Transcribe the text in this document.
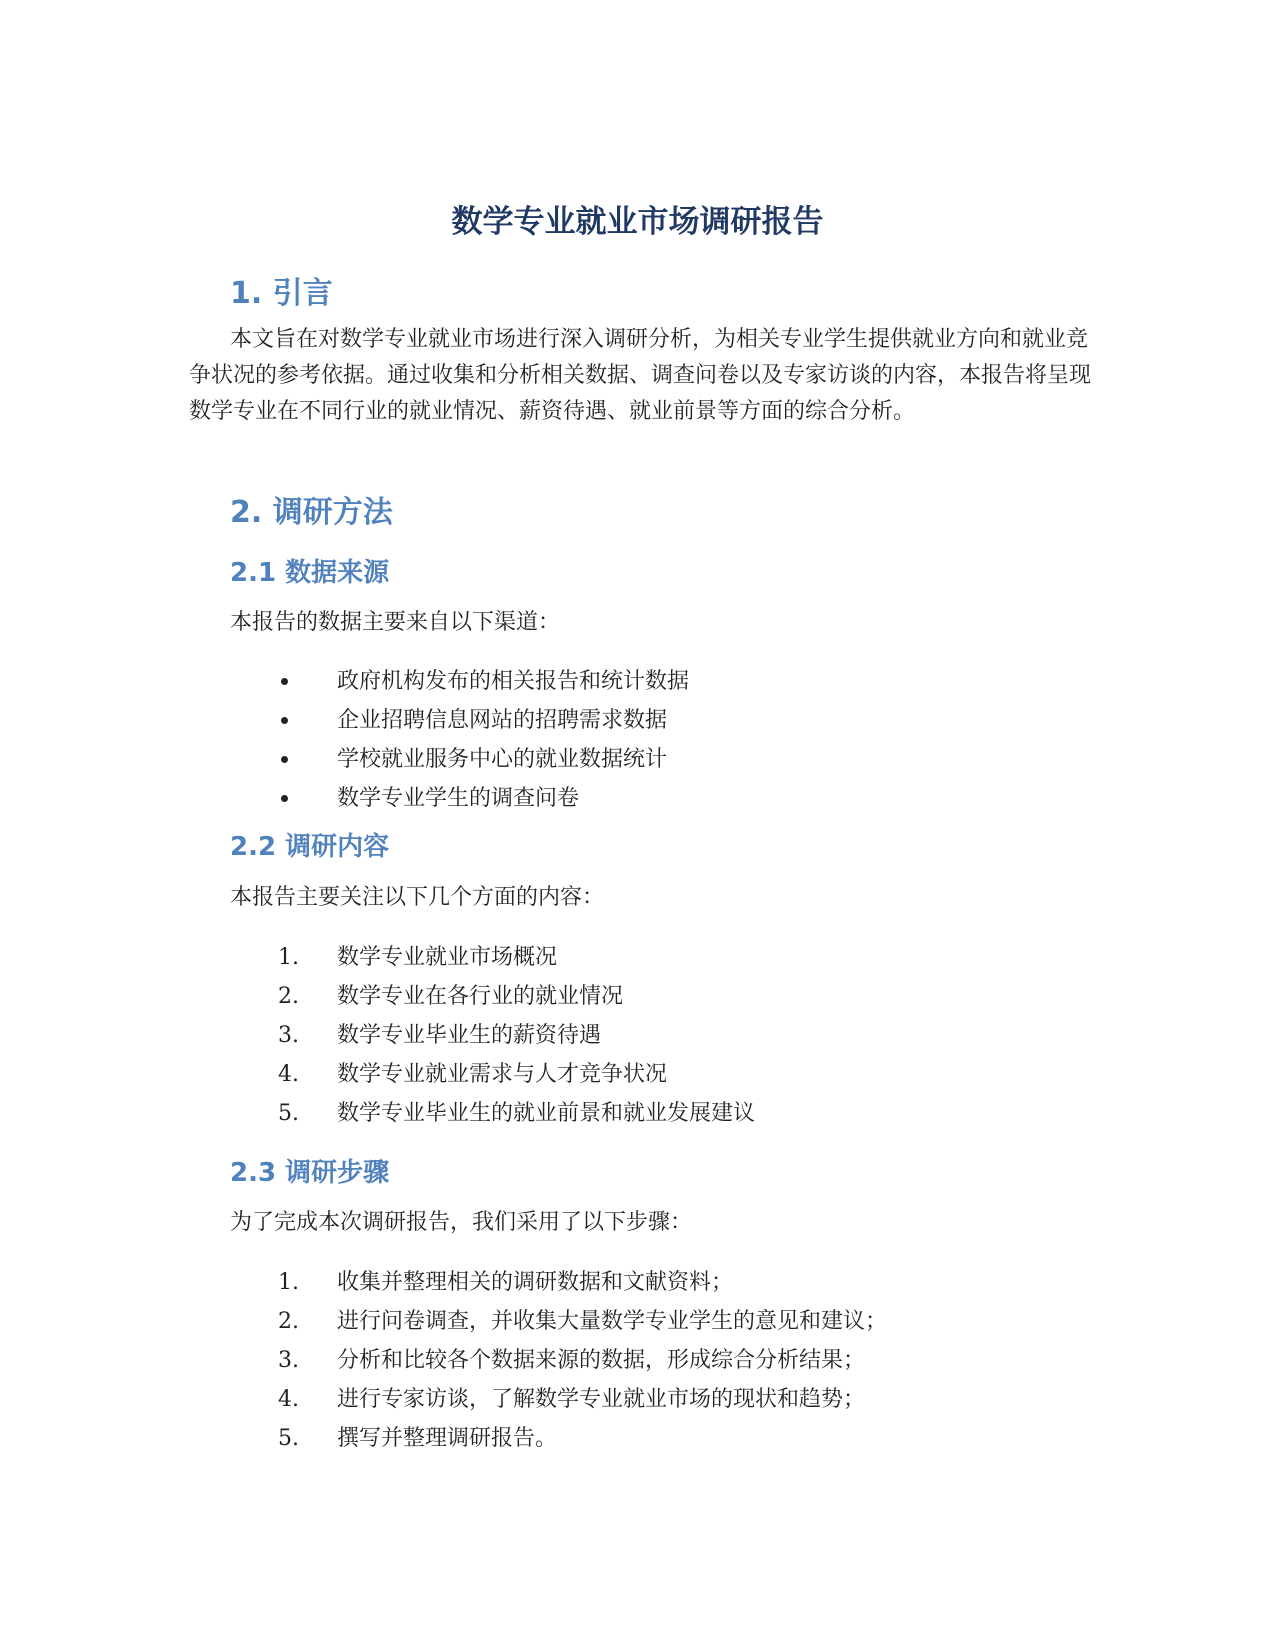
数学专业就业市场调研报告
1. 引言

本文旨在对数学专业就业市场进行深入调研分析，为相关专业学生提供就业方向和就业竞争状况的参考依据。通过收集和分析相关数据、调查问卷以及专家访谈的内容，本报告将呈现数学专业在不同行业的就业情况、薪资待遇、就业前景等方面的综合分析。

2. 调研方法
2.1 数据来源
本报告的数据主要来自以下渠道：
政府机构发布的相关报告和统计数据
企业招聘信息网站的招聘需求数据
学校就业服务中心的就业数据统计
数学专业学生的调查问卷
2.2 调研内容
本报告主要关注以下几个方面的内容：
1.	数学专业就业市场概况
2.	数学专业在各行业的就业情况
3.	数学专业毕业生的薪资待遇
4.	数学专业就业需求与人才竞争状况
5.	数学专业毕业生的就业前景和就业发展建议
2.3 调研步骤
为了完成本次调研报告，我们采用了以下步骤：
1.	收集并整理相关的调研数据和文献资料；
2.	进行问卷调查，并收集大量数学专业学生的意见和建议；
3.	分析和比较各个数据来源的数据，形成综合分析结果；
4.	进行专家访谈，了解数学专业就业市场的现状和趋势；
5.	撰写并整理调研报告。
